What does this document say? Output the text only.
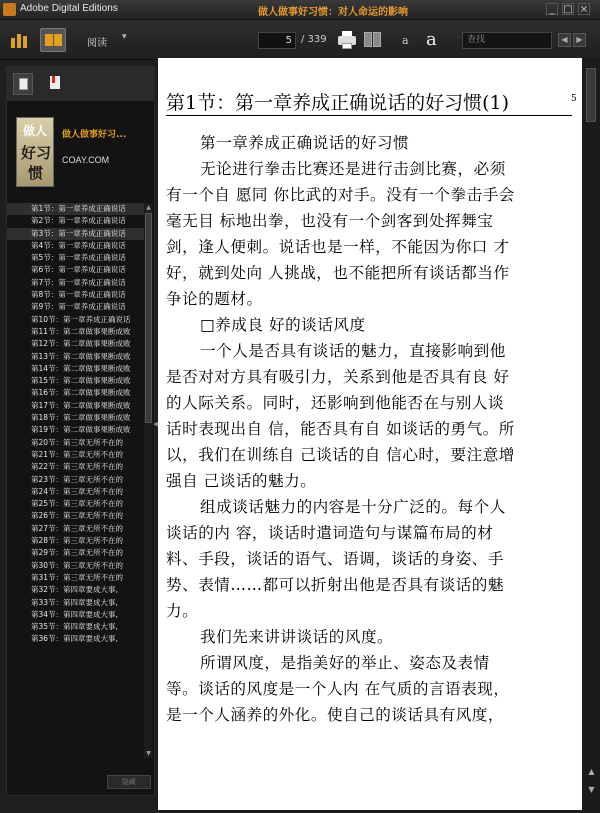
Adobe Digital Editions	做人做事好习惯：对人命运的影响	_ □ ×
阅读
▾	5 / 339	a a	查找	◀	▶
做人
好习
惯
做人做事好习...
COAY.COM
第1节：第一章养成正确说话
第2节：第一章养成正确说话
第3节：第一章养成正确说话
第4节：第一章养成正确说话
第5节：第一章养成正确说话
第6节：第一章养成正确说话
第7节：第一章养成正确说话
第8节：第一章养成正确说话
第9节：第一章养成正确说话
第10节：第一章养成正确说话
第11节：第二章做事果断成败
第12节：第二章做事果断成败
第13节：第二章做事果断成败
第14节：第二章做事果断成败
第15节：第二章做事果断成败
第16节：第二章做事果断成败
第17节：第二章做事果断成败
第18节：第二章做事果断成败
第19节：第二章做事果断成败
第20节：第三章无所不在的
第21节：第三章无所不在的
第22节：第三章无所不在的
第23节：第三章无所不在的
第24节：第三章无所不在的
第25节：第三章无所不在的
第26节：第三章无所不在的
第27节：第三章无所不在的
第28节：第三章无所不在的
第29节：第三章无所不在的
第30节：第三章无所不在的
第31节：第三章无所不在的
第32节：第四章要成大事,
第33节：第四章要成大事,
第34节：第四章要成大事,
第35节：第四章要成大事,
第36节：第四章要成大事,
▲
▼
隐藏
◀
第1节：第一章养成正确说话的好习惯(1)	5

第一章养成正确说话的好习惯

无论进行拳击比赛还是进行击剑比赛，必须

有一个自 愿同 你比武的对手。没有一个拳击手会

毫无目 标地出拳，也没有一个剑客到处挥舞宝

剑，逢人便刺。说话也是一样，不能因为你口 才

好，就到处向 人挑战，也不能把所有谈话都当作

争论的题材。

□养成良 好的谈话风度

一个人是否具有谈话的魅力，直接影响到他

是否对对方具有吸引力，关系到他是否具有良 好

的人际关系。同时，还影响到他能否在与别人谈

话时表现出自 信，能否具有自 如谈话的勇气。所

以，我们在训练自 己谈话的自 信心时，要注意增

强自 己谈话的魅力。

组成谈话魅力的内容是十分广泛的。每个人

谈话的内 容，谈话时遣词造句与谋篇布局的材

料、手段，谈话的语气、语调，谈话的身姿、手

势、表情……都可以折射出他是否具有谈话的魅

力。

我们先来讲讲谈话的风度。

所谓风度，是指美好的举止、姿态及表情

等。谈话的风度是一个人内 在气质的言语表现，

是一个人涵养的外化。使自己的谈话具有风度，

▲
▼
